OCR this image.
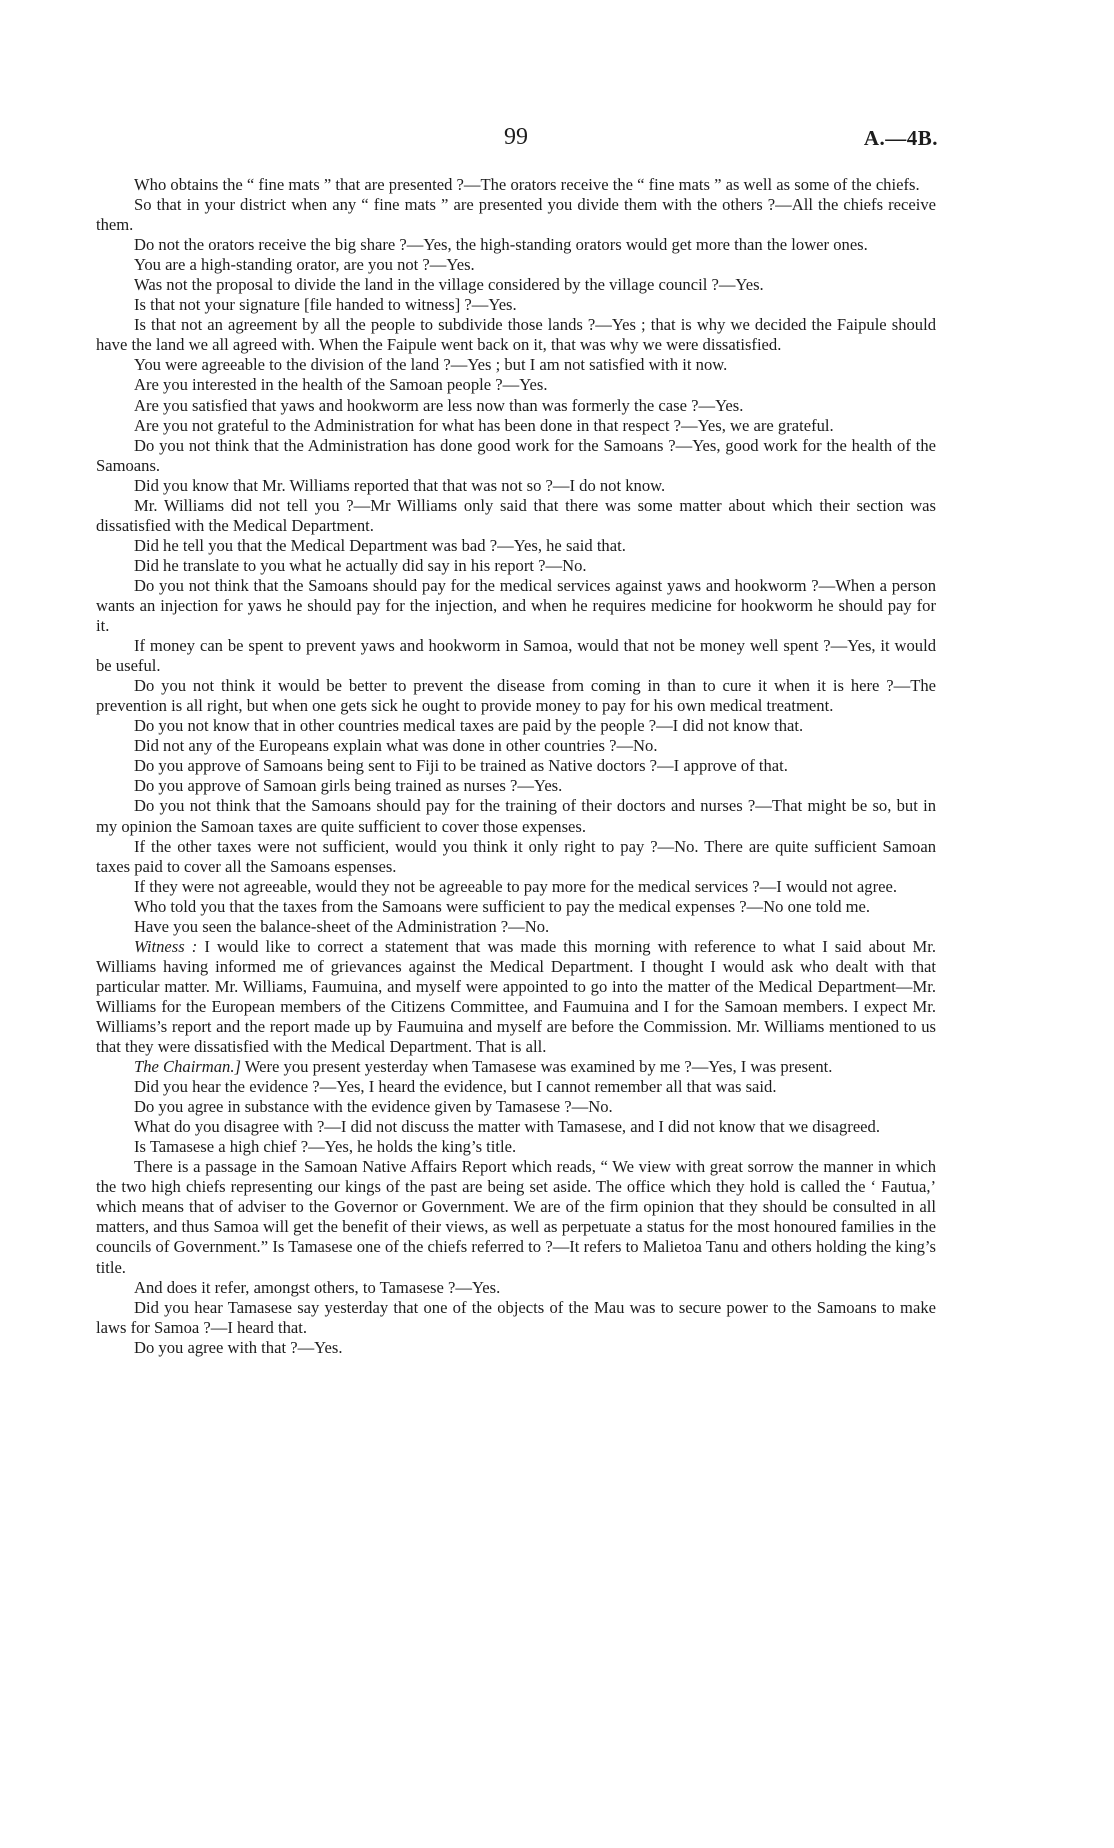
99	A.—4B.

Who obtains the “ fine mats ” that are presented ?—The orators receive the “ fine mats ” as well as some of the chiefs.

So that in your district when any “ fine mats ” are presented you divide them with the others ?—All the chiefs receive them.

Do not the orators receive the big share ?—Yes, the high-standing orators would get more than the lower ones.

You are a high-standing orator, are you not ?—Yes.

Was not the proposal to divide the land in the village considered by the village council ?—Yes.

Is that not your signature [file handed to witness] ?—Yes.

Is that not an agreement by all the people to subdivide those lands ?—Yes ; that is why we decided the Faipule should have the land we all agreed with. When the Faipule went back on it, that was why we were dissatisfied.

You were agreeable to the division of the land ?—Yes ; but I am not satisfied with it now.

Are you interested in the health of the Samoan people ?—Yes.

Are you satisfied that yaws and hookworm are less now than was formerly the case ?—Yes.

Are you not grateful to the Administration for what has been done in that respect ?—Yes, we are grateful.

Do you not think that the Administration has done good work for the Samoans ?—Yes, good work for the health of the Samoans.

Did you know that Mr. Williams reported that that was not so ?—I do not know.

Mr. Williams did not tell you ?—Mr Williams only said that there was some matter about which their section was dissatisfied with the Medical Department.

Did he tell you that the Medical Department was bad ?—Yes, he said that.

Did he translate to you what he actually did say in his report ?—No.

Do you not think that the Samoans should pay for the medical services against yaws and hookworm ?—When a person wants an injection for yaws he should pay for the injection, and when he requires medicine for hookworm he should pay for it.

If money can be spent to prevent yaws and hookworm in Samoa, would that not be money well spent ?—Yes, it would be useful.

Do you not think it would be better to prevent the disease from coming in than to cure it when it is here ?—The prevention is all right, but when one gets sick he ought to provide money to pay for his own medical treatment.

Do you not know that in other countries medical taxes are paid by the people ?—I did not know that.

Did not any of the Europeans explain what was done in other countries ?—No.

Do you approve of Samoans being sent to Fiji to be trained as Native doctors ?—I approve of that.

Do you approve of Samoan girls being trained as nurses ?—Yes.

Do you not think that the Samoans should pay for the training of their doctors and nurses ?—That might be so, but in my opinion the Samoan taxes are quite sufficient to cover those expenses.

If the other taxes were not sufficient, would you think it only right to pay ?—No. There are quite sufficient Samoan taxes paid to cover all the Samoans espenses.

If they were not agreeable, would they not be agreeable to pay more for the medical services ?—I would not agree.

Who told you that the taxes from the Samoans were sufficient to pay the medical expenses ?—No one told me.

Have you seen the balance-sheet of the Administration ?—No.

Witness : I would like to correct a statement that was made this morning with reference to what I said about Mr. Williams having informed me of grievances against the Medical Department. I thought I would ask who dealt with that particular matter. Mr. Williams, Faumuina, and myself were appointed to go into the matter of the Medical Department—Mr. Williams for the European members of the Citizens Committee, and Faumuina and I for the Samoan members. I expect Mr. Williams’s report and the report made up by Faumuina and myself are before the Commission. Mr. Williams mentioned to us that they were dissatisfied with the Medical Department. That is all.

The Chairman.] Were you present yesterday when Tamasese was examined by me ?—Yes, I was present.

Did you hear the evidence ?—Yes, I heard the evidence, but I cannot remember all that was said.

Do you agree in substance with the evidence given by Tamasese ?—No.

What do you disagree with ?—I did not discuss the matter with Tamasese, and I did not know that we disagreed.

Is Tamasese a high chief ?—Yes, he holds the king’s title.

There is a passage in the Samoan Native Affairs Report which reads, “ We view with great sorrow the manner in which the two high chiefs representing our kings of the past are being set aside. The office which they hold is called the ‘ Fautua,’ which means that of adviser to the Governor or Government. We are of the firm opinion that they should be consulted in all matters, and thus Samoa will get the benefit of their views, as well as perpetuate a status for the most honoured families in the councils of Government.” Is Tamasese one of the chiefs referred to ?—It refers to Malietoa Tanu and others holding the king’s title.

And does it refer, amongst others, to Tamasese ?—Yes.

Did you hear Tamasese say yesterday that one of the objects of the Mau was to secure power to the Samoans to make laws for Samoa ?—I heard that.

Do you agree with that ?—Yes.
